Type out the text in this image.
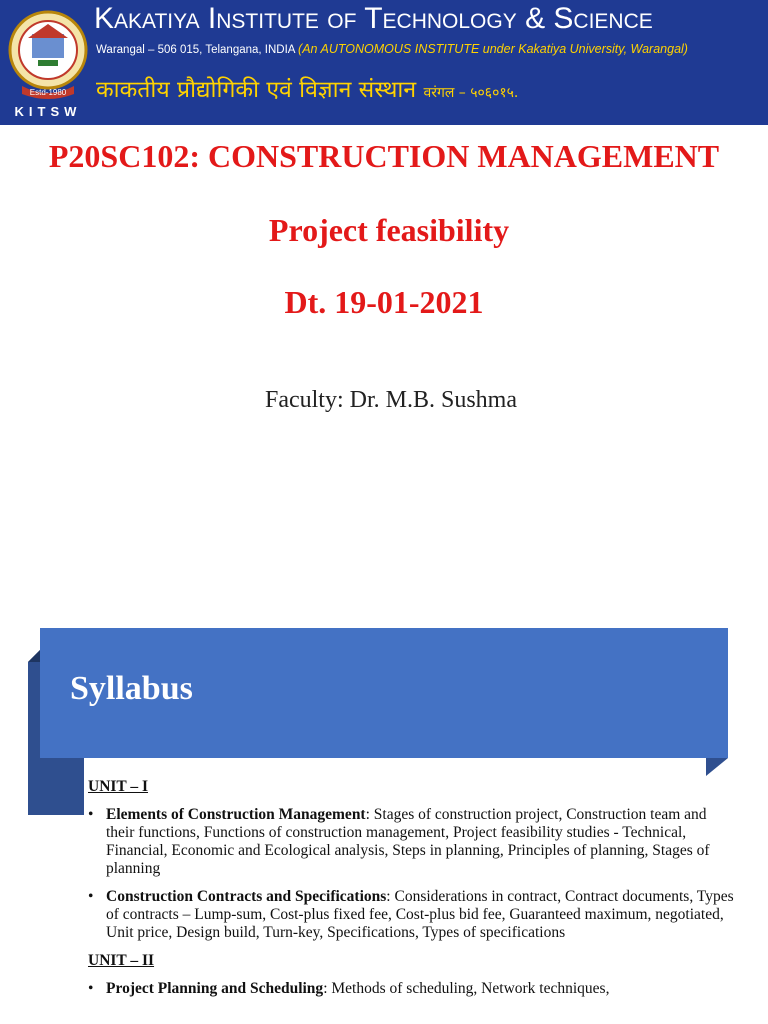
Estd-1980
KITSW
Kakatiya Institute of Technology & Science
Warangal – 506 015, Telangana, INDIA (An AUTONOMOUS INSTITUTE under Kakatiya University, Warangal)
काकतीय प्रौद्योगिकी एवं विज्ञान संस्थान वरंगल – ५०६०१५.
P20SC102: CONSTRUCTION MANAGEMENT
Project feasibility
Dt. 19-01-2021
Faculty: Dr. M.B. Sushma
Syllabus
UNIT – I
• Elements of Construction Management: Stages of construction project, Construction team and their functions, Functions of construction management, Project feasibility studies - Technical, Financial, Economic and Ecological analysis, Steps in planning, Principles of planning, Stages of planning
• Construction Contracts and Specifications: Considerations in contract, Contract documents, Types of contracts – Lump-sum, Cost-plus fixed fee, Cost-plus bid fee, Guaranteed maximum, negotiated, Unit price, Design build, Turn-key, Specifications, Types of specifications
UNIT – II
• Project Planning and Scheduling: Methods of scheduling, Network techniques,
